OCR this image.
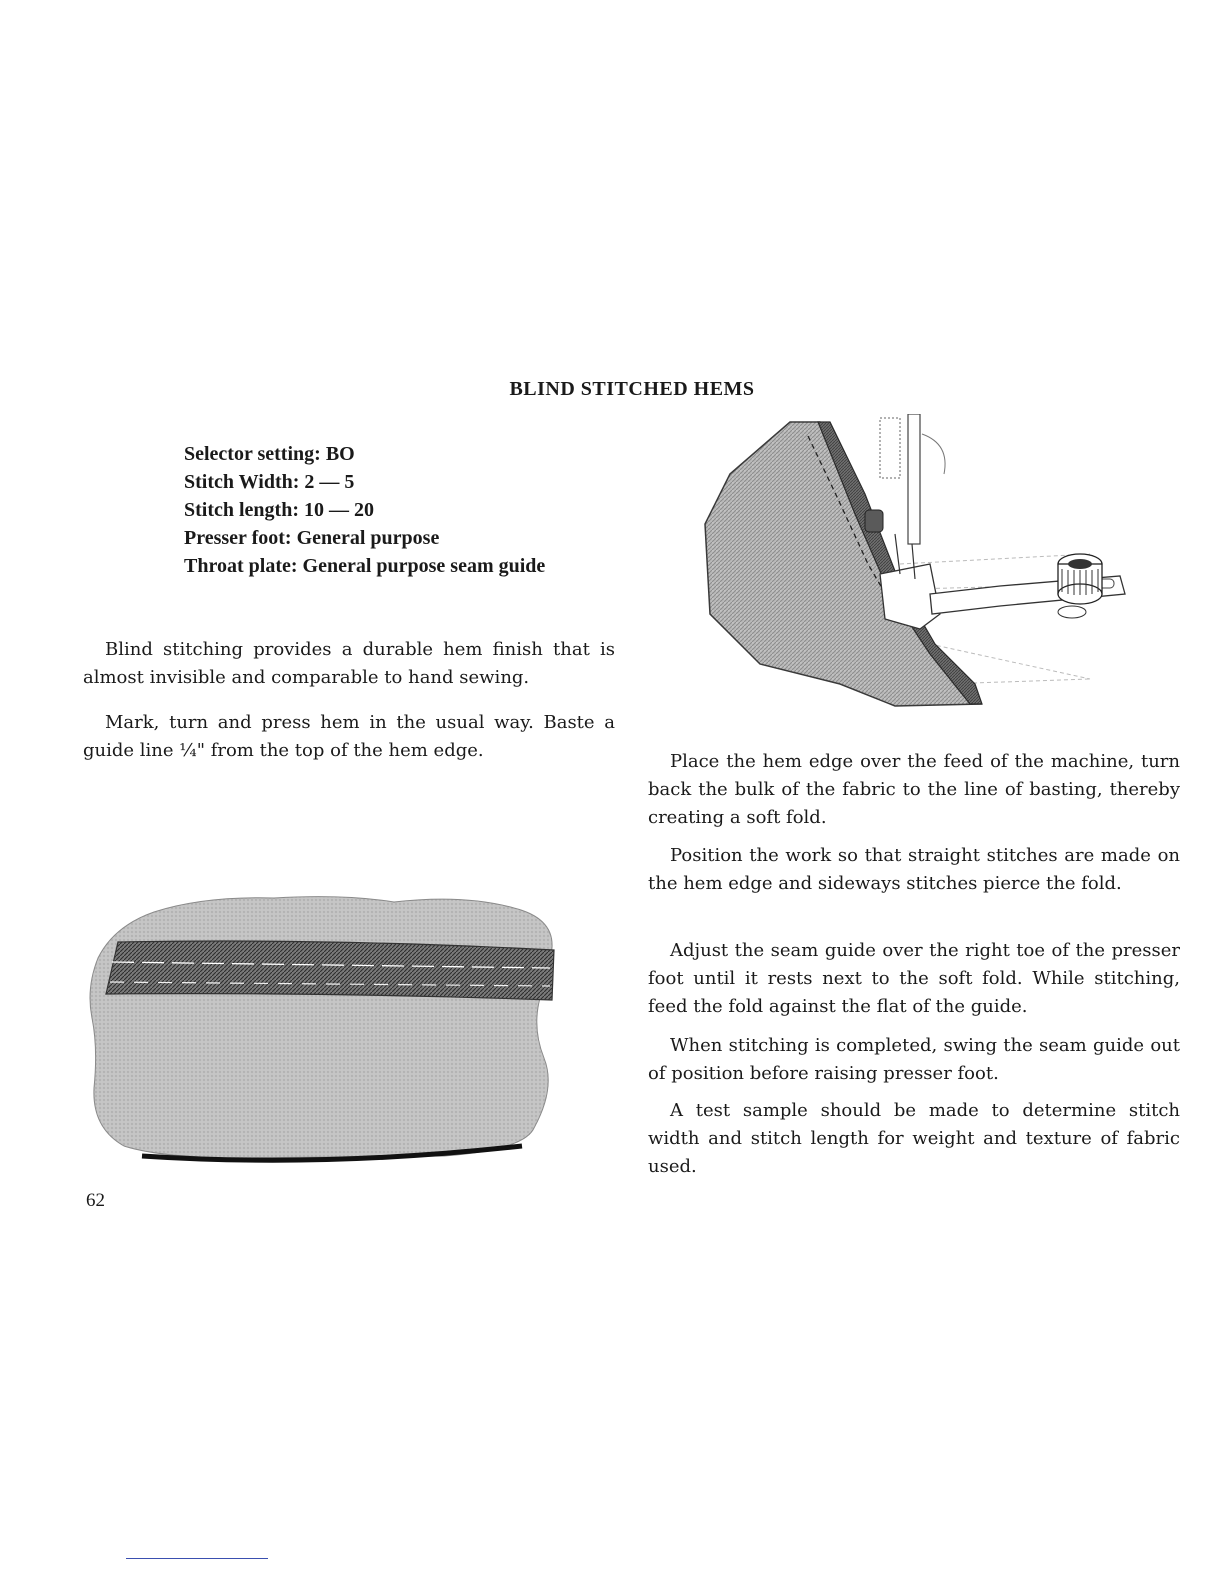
BLIND STITCHED HEMS
Selector setting: BO
Stitch Width: 2 — 5
Stitch length: 10 — 20
Presser foot: General purpose
Throat plate: General purpose seam guide

Blind stitching provides a durable hem finish that is almost invisible and comparable to hand sewing.

Mark, turn and press hem in the usual way. Baste a guide line ¼" from the top of the hem edge.

Place the hem edge over the feed of the machine, turn back the bulk of the fabric to the line of basting, thereby creating a soft fold.

Position the work so that straight stitches are made on the hem edge and sideways stitches pierce the fold.

Adjust the seam guide over the right toe of the presser foot until it rests next to the soft fold. While stitching, feed the fold against the flat of the guide.

When stitching is completed, swing the seam guide out of position before raising presser foot.

A test sample should be made to determine stitch width and stitch length for weight and texture of fabric used.

62
